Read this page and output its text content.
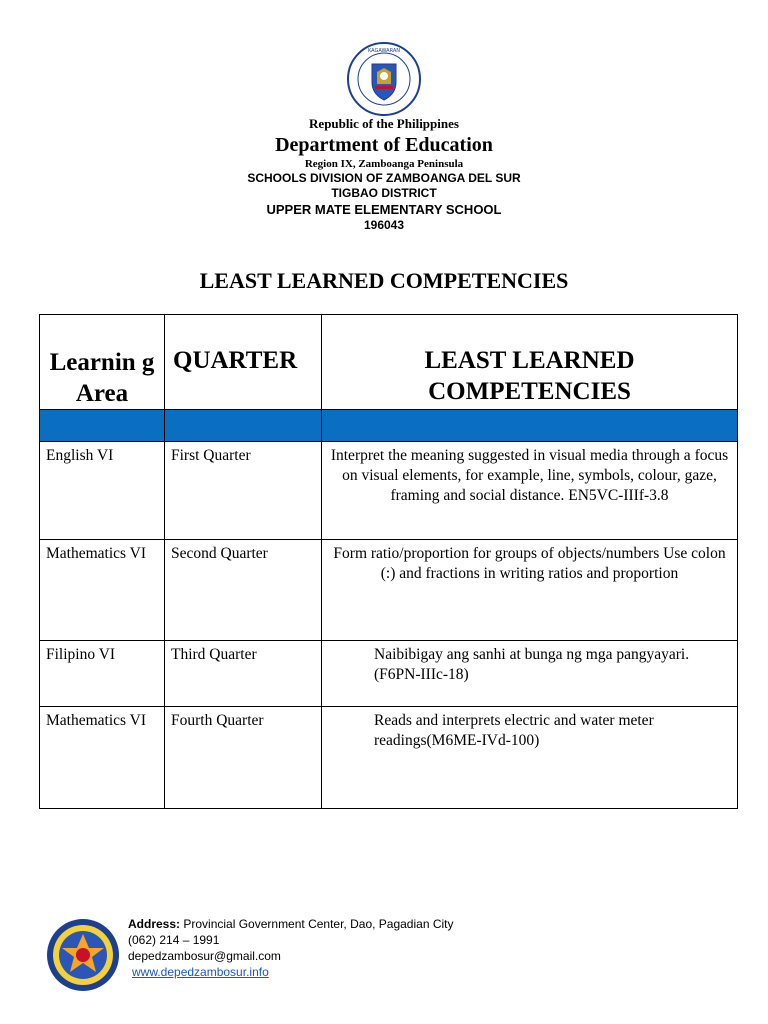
KAGAWARAN
Republic of the Philippines
Department of Education
Region IX, Zamboanga Peninsula
SCHOOLS DIVISION OF ZAMBOANGA DEL SUR
TIGBAO DISTRICT
UPPER MATE ELEMENTARY SCHOOL
196043
LEAST LEARNED COMPETENCIES
Learnin g Area	QUARTER	LEAST LEARNED COMPETENCIES

English VI	First Quarter	Interpret the meaning suggested in visual media through a focus on visual elements, for example, line, symbols, colour, gaze, framing and social distance. EN5VC-IIIf-3.8
Mathematics VI	Second Quarter	Form ratio/proportion for groups of objects/numbers Use colon (:) and fractions in writing ratios and proportion
Filipino VI	Third Quarter	Naibibigay ang sanhi at bunga ng mga pangyayari. (F6PN-IIIc-18)
Mathematics VI	Fourth Quarter	Reads and interprets electric and water meter readings(M6ME-IVd-100)
Address: Provincial Government Center, Dao, Pagadian City
(062) 214 – 1991
depedzambosur@gmail.com
www.depedzambosur.info
